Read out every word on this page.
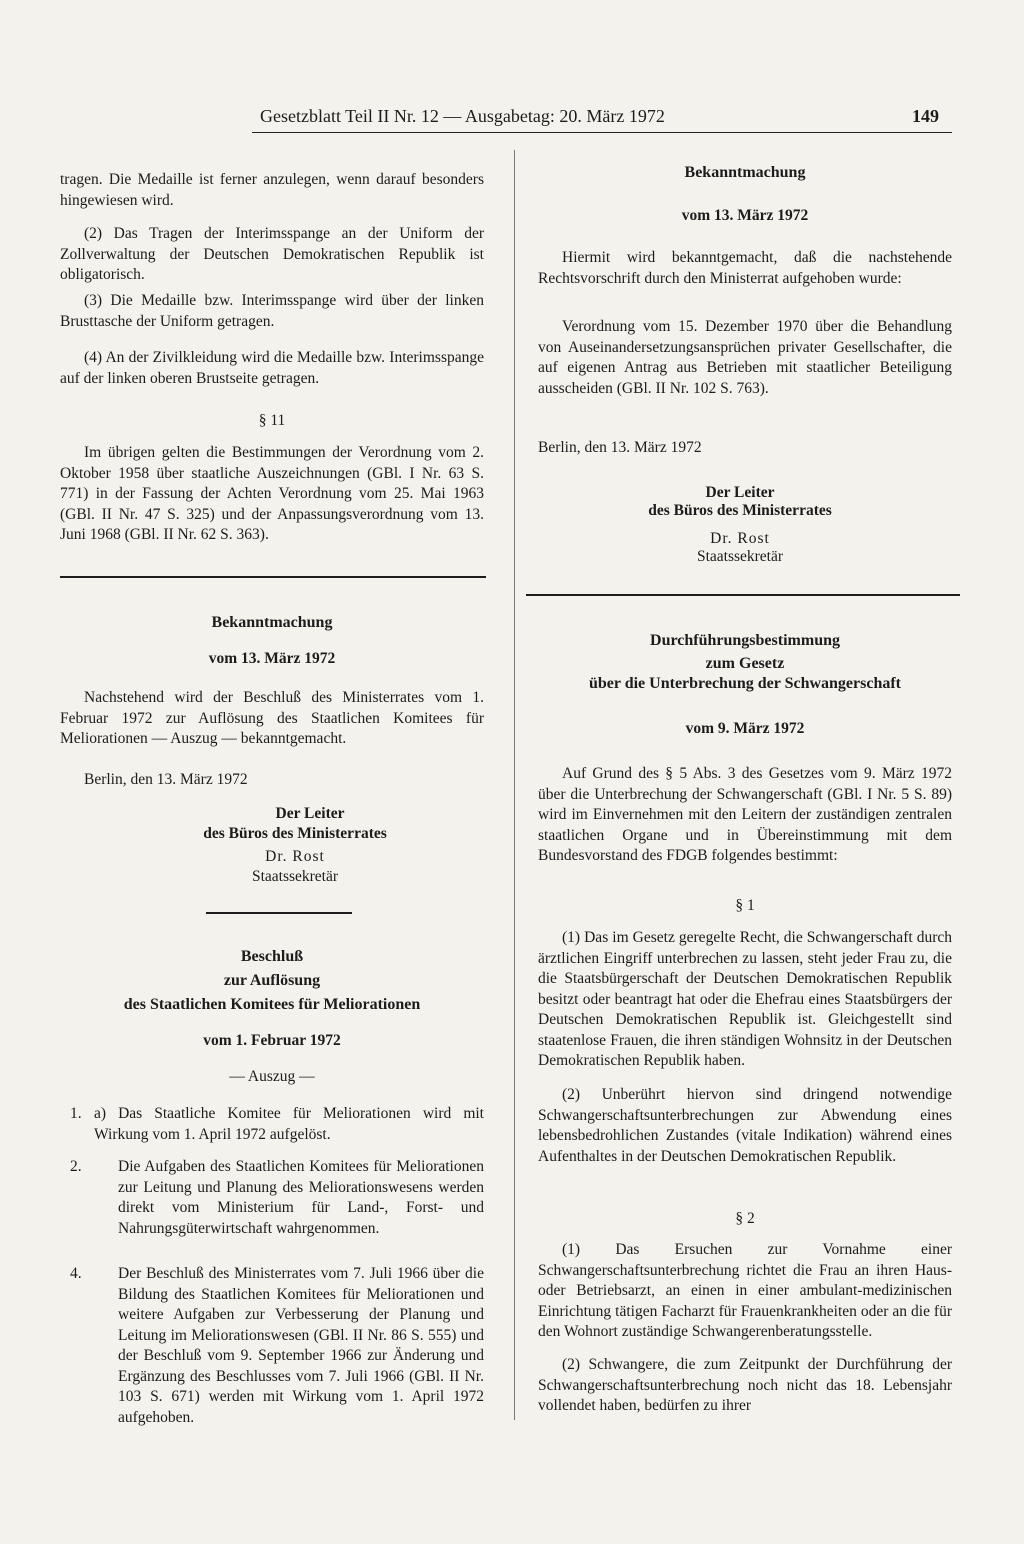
Gesetzblatt Teil II Nr. 12 — Ausgabetag: 20. März 1972	149

tragen. Die Medaille ist ferner anzulegen, wenn darauf besonders hingewiesen wird.

(2) Das Tragen der Interimsspange an der Uniform der Zollverwaltung der Deutschen Demokratischen Republik ist obligatorisch.

(3) Die Medaille bzw. Interimsspange wird über der linken Brusttasche der Uniform getragen.

(4) An der Zivilkleidung wird die Medaille bzw. Interimsspange auf der linken oberen Brustseite getragen.

§ 11

Im übrigen gelten die Bestimmungen der Verordnung vom 2. Oktober 1958 über staatliche Auszeichnungen (GBl. I Nr. 63 S. 771) in der Fassung der Achten Verordnung vom 25. Mai 1963 (GBl. II Nr. 47 S. 325) und der Anpassungsverordnung vom 13. Juni 1968 (GBl. II Nr. 62 S. 363).

Bekanntmachung
vom 13. März 1972

Nachstehend wird der Beschluß des Ministerrates vom 1. Februar 1972 zur Auflösung des Staatlichen Komitees für Meliorationen — Auszug — bekanntgemacht.

Berlin, den 13. März 1972

Der Leiter
des Büros des Ministerrates
Dr. Rost
Staatssekretär
Beschluß
zur Auflösung
des Staatlichen Komitees für Meliorationen
vom 1. Februar 1972
— Auszug —
1. a) Das Staatliche Komitee für Meliorationen wird mit Wirkung vom 1. April 1972 aufgelöst.

2. Die Aufgaben des Staatlichen Komitees für Meliorationen zur Leitung und Planung des Meliorationswesens werden direkt vom Ministerium für Land-, Forst- und Nahrungsgüterwirtschaft wahrgenommen.

4. Der Beschluß des Ministerrates vom 7. Juli 1966 über die Bildung des Staatlichen Komitees für Meliorationen und weitere Aufgaben zur Verbesserung der Planung und Leitung im Meliorationswesen (GBl. II Nr. 86 S. 555) und der Beschluß vom 9. September 1966 zur Änderung und Ergänzung des Beschlusses vom 7. Juli 1966 (GBl. II Nr. 103 S. 671) werden mit Wirkung vom 1. April 1972 aufgehoben.

Bekanntmachung
vom 13. März 1972

Hiermit wird bekanntgemacht, daß die nachstehende Rechtsvorschrift durch den Ministerrat aufgehoben wurde:

Verordnung vom 15. Dezember 1970 über die Behandlung von Auseinandersetzungsansprüchen privater Gesellschafter, die auf eigenen Antrag aus Betrieben mit staatlicher Beteiligung ausscheiden (GBl. II Nr. 102 S. 763).

Berlin, den 13. März 1972

Der Leiter
des Büros des Ministerrates
Dr. Rost
Staatssekretär
Durchführungsbestimmung
zum Gesetz
über die Unterbrechung der Schwangerschaft
vom 9. März 1972

Auf Grund des § 5 Abs. 3 des Gesetzes vom 9. März 1972 über die Unterbrechung der Schwangerschaft (GBl. I Nr. 5 S. 89) wird im Einvernehmen mit den Leitern der zuständigen zentralen staatlichen Organe und in Übereinstimmung mit dem Bundesvorstand des FDGB folgendes bestimmt:

§ 1

(1) Das im Gesetz geregelte Recht, die Schwangerschaft durch ärztlichen Eingriff unterbrechen zu lassen, steht jeder Frau zu, die die Staatsbürgerschaft der Deutschen Demokratischen Republik besitzt oder beantragt hat oder die Ehefrau eines Staatsbürgers der Deutschen Demokratischen Republik ist. Gleichgestellt sind staatenlose Frauen, die ihren ständigen Wohnsitz in der Deutschen Demokratischen Republik haben.

(2) Unberührt hiervon sind dringend notwendige Schwangerschaftsunterbrechungen zur Abwendung eines lebensbedrohlichen Zustandes (vitale Indikation) während eines Aufenthaltes in der Deutschen Demokratischen Republik.

§ 2

(1) Das Ersuchen zur Vornahme einer Schwangerschaftsunterbrechung richtet die Frau an ihren Haus- oder Betriebsarzt, an einen in einer ambulant-medizinischen Einrichtung tätigen Facharzt für Frauenkrankheiten oder an die für den Wohnort zuständige Schwangerenberatungsstelle.

(2) Schwangere, die zum Zeitpunkt der Durchführung der Schwangerschaftsunterbrechung noch nicht das 18. Lebensjahr vollendet haben, bedürfen zu ihrer
